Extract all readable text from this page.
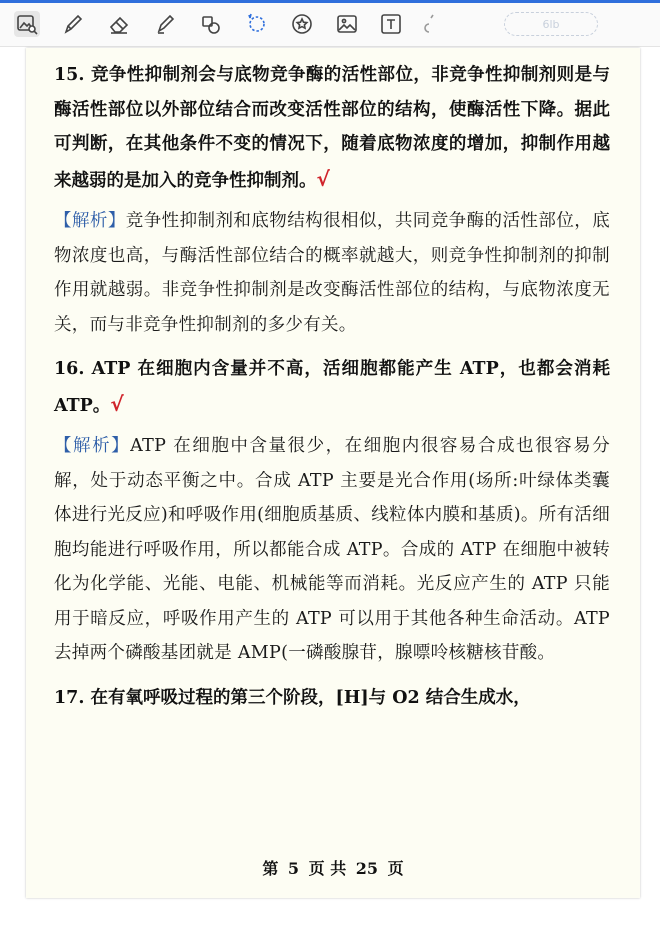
6lb

15. 竞争性抑制剂会与底物竞争酶的活性部位，非竞争性抑制剂则是与酶活性部位以外部位结合而改变活性部位的结构，使酶活性下降。据此可判断，在其他条件不变的情况下，随着底物浓度的增加，抑制作用越来越弱的是加入的竞争性抑制剂。√

【解析】竞争性抑制剂和底物结构很相似，共同竞争酶的活性部位，底物浓度也高，与酶活性部位结合的概率就越大，则竞争性抑制剂的抑制作用就越弱。非竞争性抑制剂是改变酶活性部位的结构，与底物浓度无关，而与非竞争性抑制剂的多少有关。

16. ATP 在细胞内含量并不高，活细胞都能产生 ATP，也都会消耗 ATP。√

【解析】ATP 在细胞中含量很少，在细胞内很容易合成也很容易分解，处于动态平衡之中。合成 ATP 主要是光合作用(场所:叶绿体类囊体进行光反应)和呼吸作用(细胞质基质、线粒体内膜和基质)。所有活细胞均能进行呼吸作用，所以都能合成 ATP。合成的 ATP 在细胞中被转化为化学能、光能、电能、机械能等而消耗。光反应产生的 ATP 只能用于暗反应，呼吸作用产生的 ATP 可以用于其他各种生命活动。ATP 去掉两个磷酸基团就是 AMP(一磷酸腺苷，腺嘌呤核糖核苷酸。

17. 在有氧呼吸过程的第三个阶段，[H]与 O2 结合生成水，

第 5 页 共 25 页
